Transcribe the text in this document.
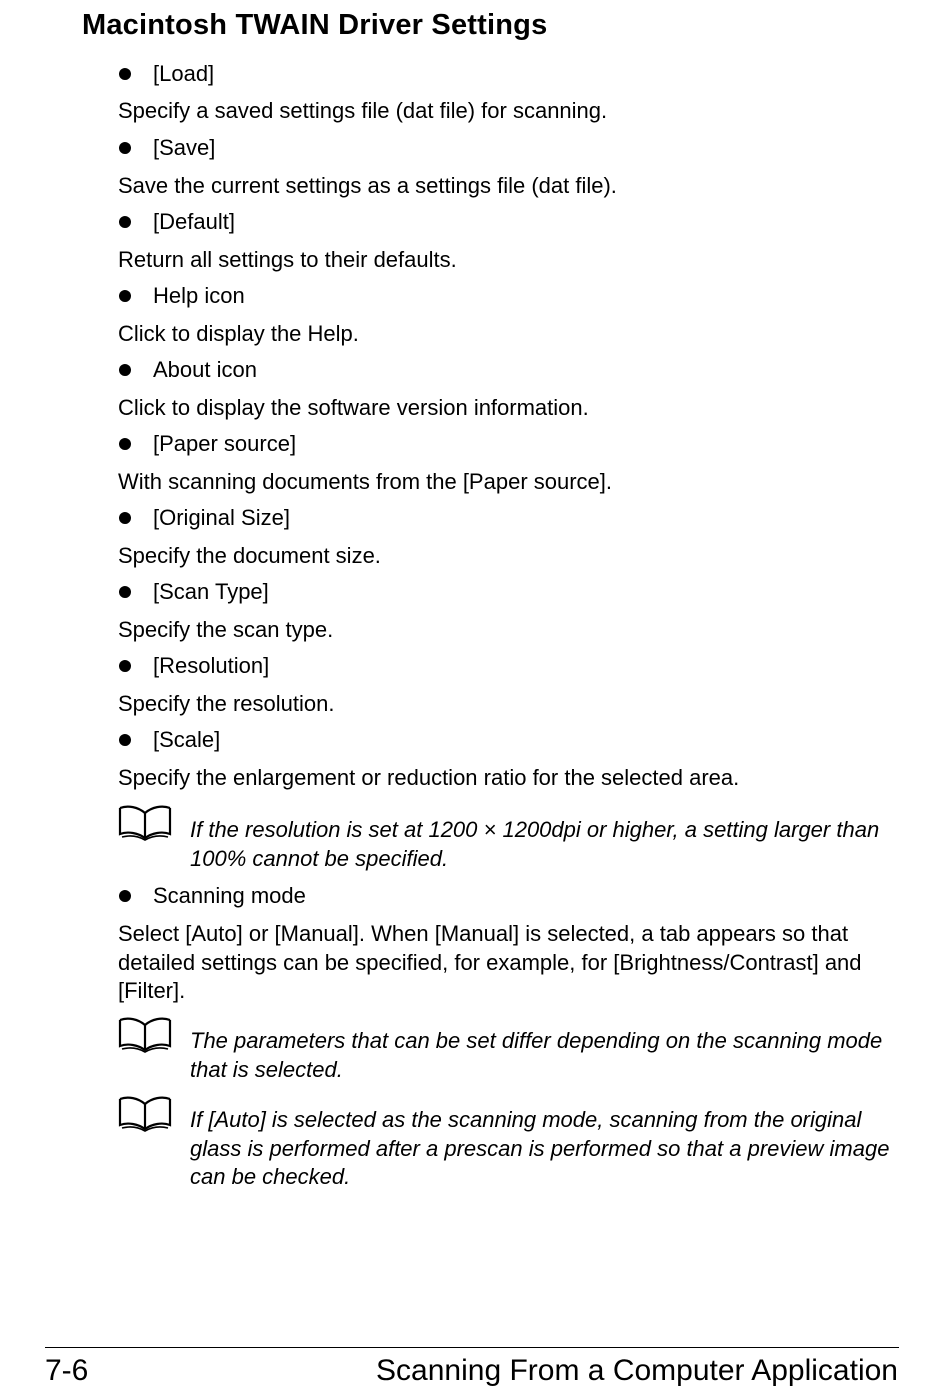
Macintosh TWAIN Driver Settings
[Load]

Specify a saved settings file (dat file) for scanning.

[Save]

Save the current settings as a settings file (dat file).

[Default]

Return all settings to their defaults.

Help icon

Click to display the Help.

About icon

Click to display the software version information.

[Paper source]

With scanning documents from the [Paper source].

[Original Size]

Specify the document size.

[Scan Type]

Specify the scan type.

[Resolution]

Specify the resolution.

[Scale]

Specify the enlargement or reduction ratio for the selected area.

If the resolution is set at 1200 × 1200dpi or higher, a setting larger than 100% cannot be specified.

Scanning mode

Select [Auto] or [Manual]. When [Manual] is selected, a tab appears so that detailed settings can be specified, for example, for [Brightness/Contrast] and [Filter].

The parameters that can be set differ depending on the scanning mode that is selected.

If [Auto] is selected as the scanning mode, scanning from the original glass is performed after a prescan is performed so that a preview image can be checked.

7-6	Scanning From a Computer Application
